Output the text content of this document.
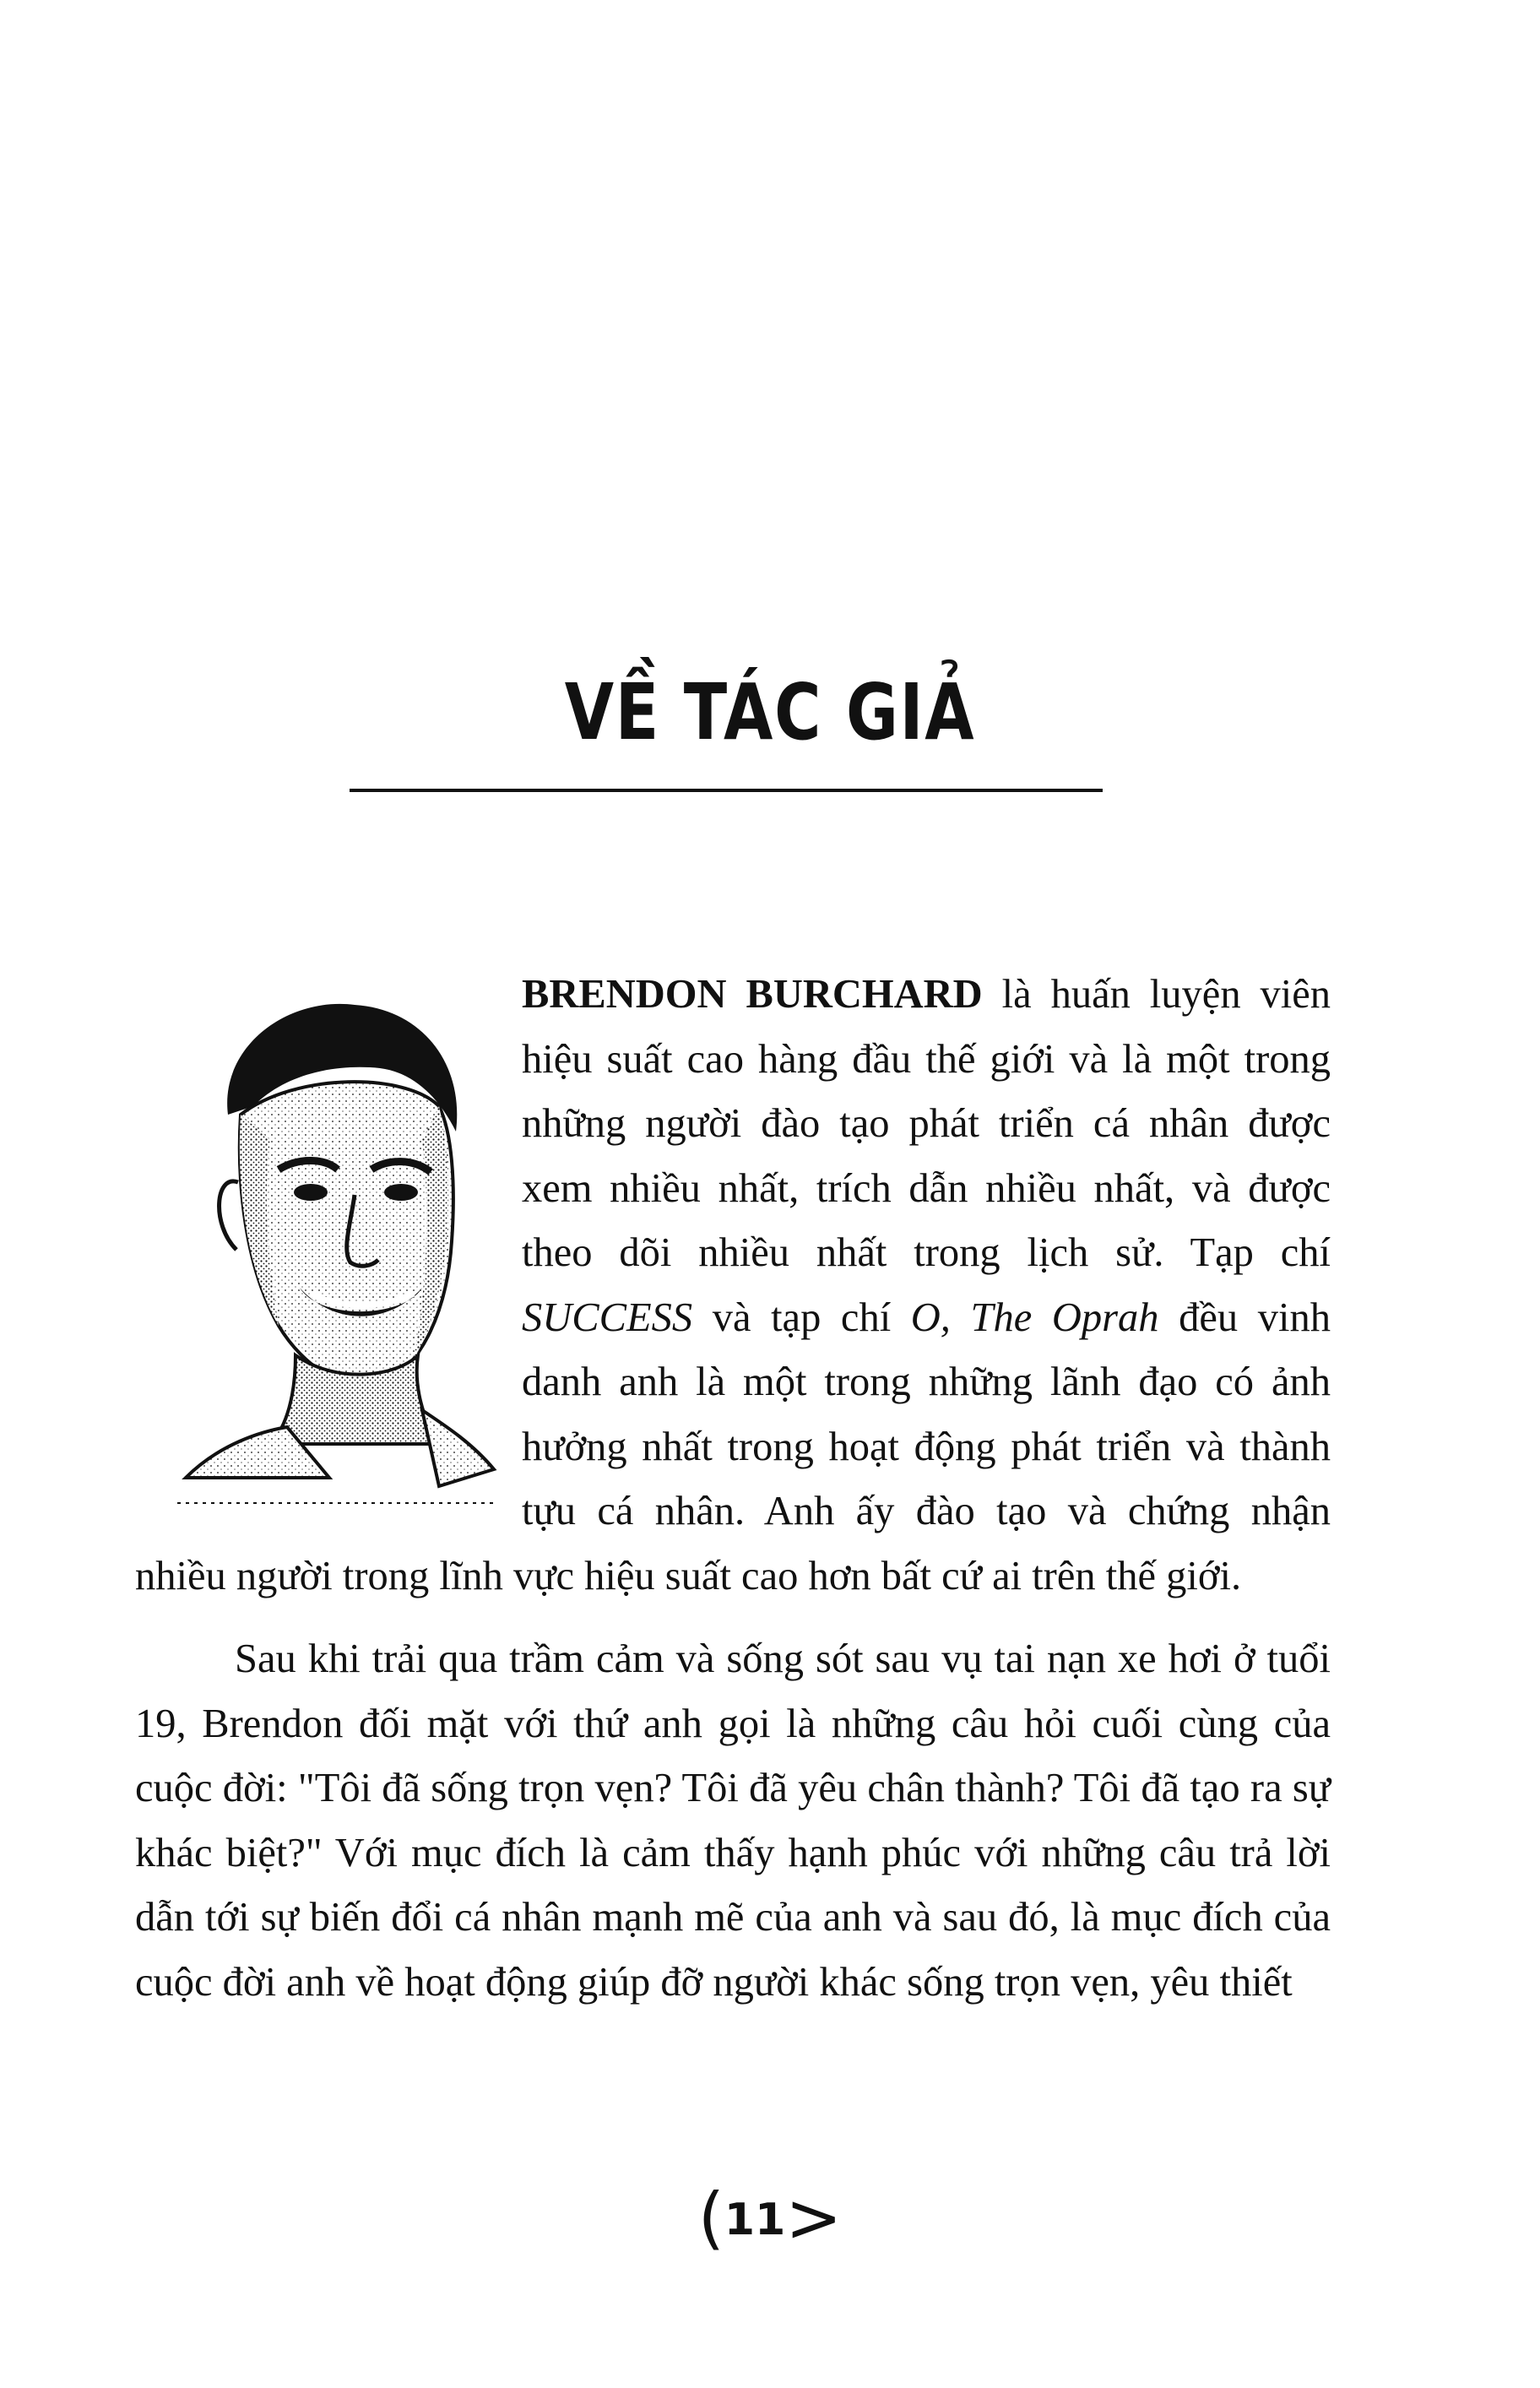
VỀ TÁC GIẢ

BRENDON BURCHARD là huấn luyện viên hiệu suất cao hàng đầu thế giới và là một trong những người đào tạo phát triển cá nhân được xem nhiều nhất, trích dẫn nhiều nhất, và được theo dõi nhiều nhất trong lịch sử. Tạp chí SUCCESS và tạp chí O, The Oprah đều vinh danh anh là một trong những lãnh đạo có ảnh hưởng nhất trong hoạt động phát triển và thành tựu cá nhân. Anh ấy đào tạo và chứng nhận nhiều người trong lĩnh vực hiệu suất cao hơn bất cứ ai trên thế giới.

Sau khi trải qua trầm cảm và sống sót sau vụ tai nạn xe hơi ở tuổi 19, Brendon đối mặt với thứ anh gọi là những câu hỏi cuối cùng của cuộc đời: "Tôi đã sống trọn vẹn? Tôi đã yêu chân thành? Tôi đã tạo ra sự khác biệt?" Với mục đích là cảm thấy hạnh phúc với những câu trả lời dẫn tới sự biến đổi cá nhân mạnh mẽ của anh và sau đó, là mục đích của cuộc đời anh về hoạt động giúp đỡ người khác sống trọn vẹn, yêu thiết

(11>
